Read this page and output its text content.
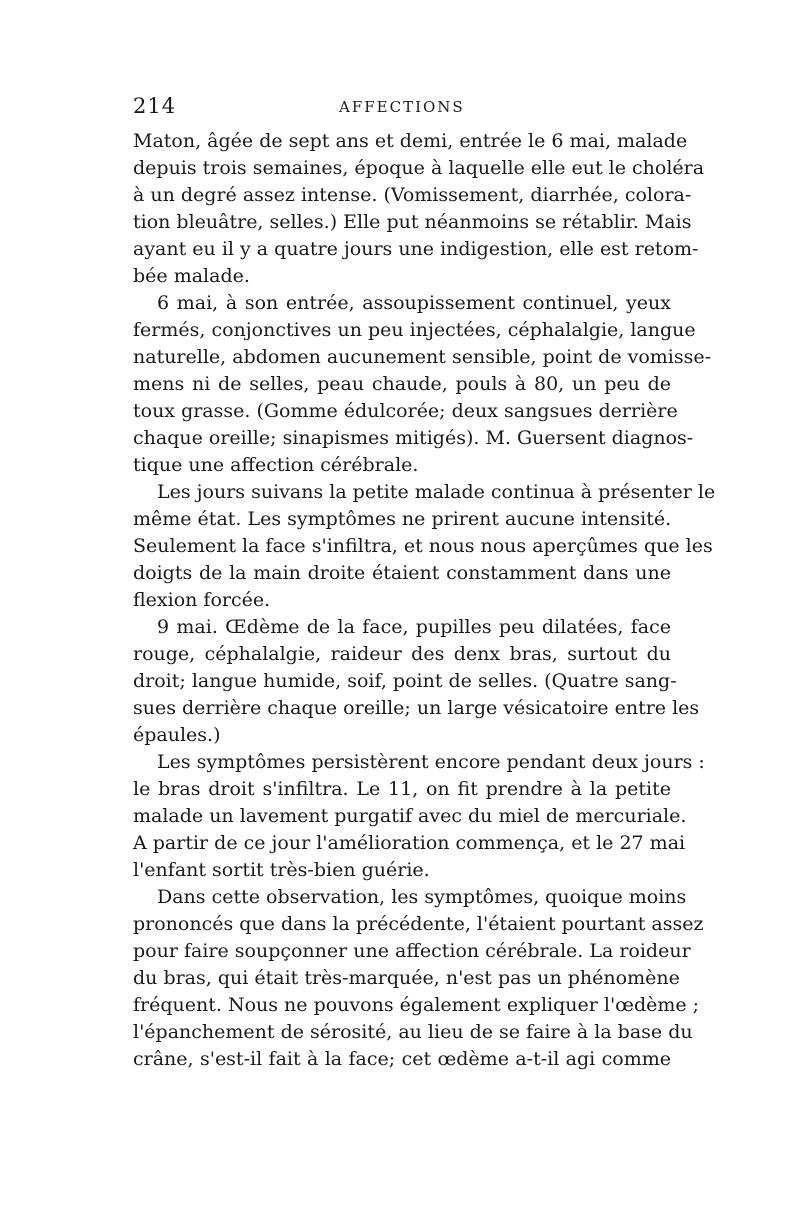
214	AFFECTIONS
Maton, âgée de sept ans et demi, entrée le 6 mai, malade
depuis trois semaines, époque à laquelle elle eut le choléra
à un degré assez intense. (Vomissement, diarrhée, colora-
tion bleuâtre, selles.) Elle put néanmoins se rétablir. Mais
ayant eu il y a quatre jours une indigestion, elle est retom-
bée malade.
6 mai, à son entrée, assoupissement continuel, yeux
fermés, conjonctives un peu injectées, céphalalgie, langue
naturelle, abdomen aucunement sensible, point de vomisse-
mens ni de selles, peau chaude, pouls à 80, un peu de
toux grasse. (Gomme édulcorée; deux sangsues derrière
chaque oreille; sinapismes mitigés). M. Guersent diagnos-
tique une affection cérébrale.
Les jours suivans la petite malade continua à présenter le
même état. Les symptômes ne prirent aucune intensité.
Seulement la face s'infiltra, et nous nous aperçûmes que les
doigts de la main droite étaient constamment dans une
flexion forcée.
9 mai. Œdème de la face, pupilles peu dilatées, face
rouge, céphalalgie, raideur des denx bras, surtout du
droit; langue humide, soif, point de selles. (Quatre sang-
sues derrière chaque oreille; un large vésicatoire entre les
épaules.)
Les symptômes persistèrent encore pendant deux jours :
le bras droit s'infiltra. Le 11, on fit prendre à la petite
malade un lavement purgatif avec du miel de mercuriale.
A partir de ce jour l'amélioration commença, et le 27 mai
l'enfant sortit très-bien guérie.
Dans cette observation, les symptômes, quoique moins
prononcés que dans la précédente, l'étaient pourtant assez
pour faire soupçonner une affection cérébrale. La roideur
du bras, qui était très-marquée, n'est pas un phénomène
fréquent. Nous ne pouvons également expliquer l'œdème ;
l'épanchement de sérosité, au lieu de se faire à la base du
crâne, s'est-il fait à la face; cet œdème a-t-il agi comme
